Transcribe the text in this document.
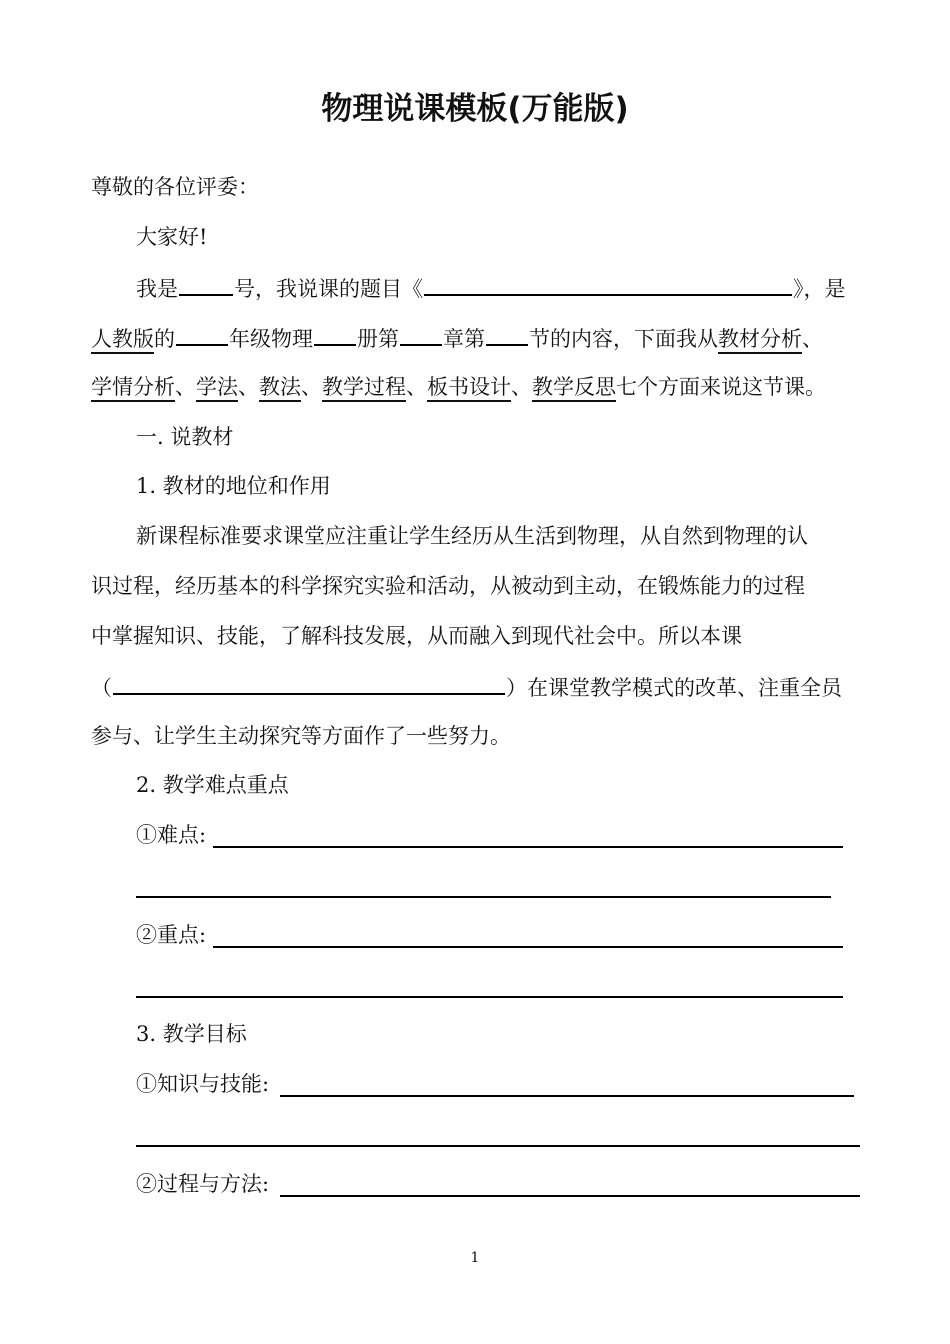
物理说课模板(万能版)
尊敬的各位评委：
大家好!
我是	号，我说课的题目《	》，是
人教版的	年级物理 册第 章第 节的内容，下面我从教材分析、
学情分析、学法、教法、教学过程、板书设计、教学反思七个方面来说这节课。
一. 说教材
1. 教材的地位和作用
新课程标准要求课堂应注重让学生经历从生活到物理，从自然到物理的认
识过程，经历基本的科学探究实验和活动，从被动到主动，在锻炼能力的过程
中掌握知识、技能，了解科技发展，从而融入到现代社会中。所以本课
（	）在课堂教学模式的改革、注重全员
参与、让学生主动探究等方面作了一些努力。
2. 教学难点重点
①难点:
②重点:
3. 教学目标
①知识与技能:
②过程与方法:
1
